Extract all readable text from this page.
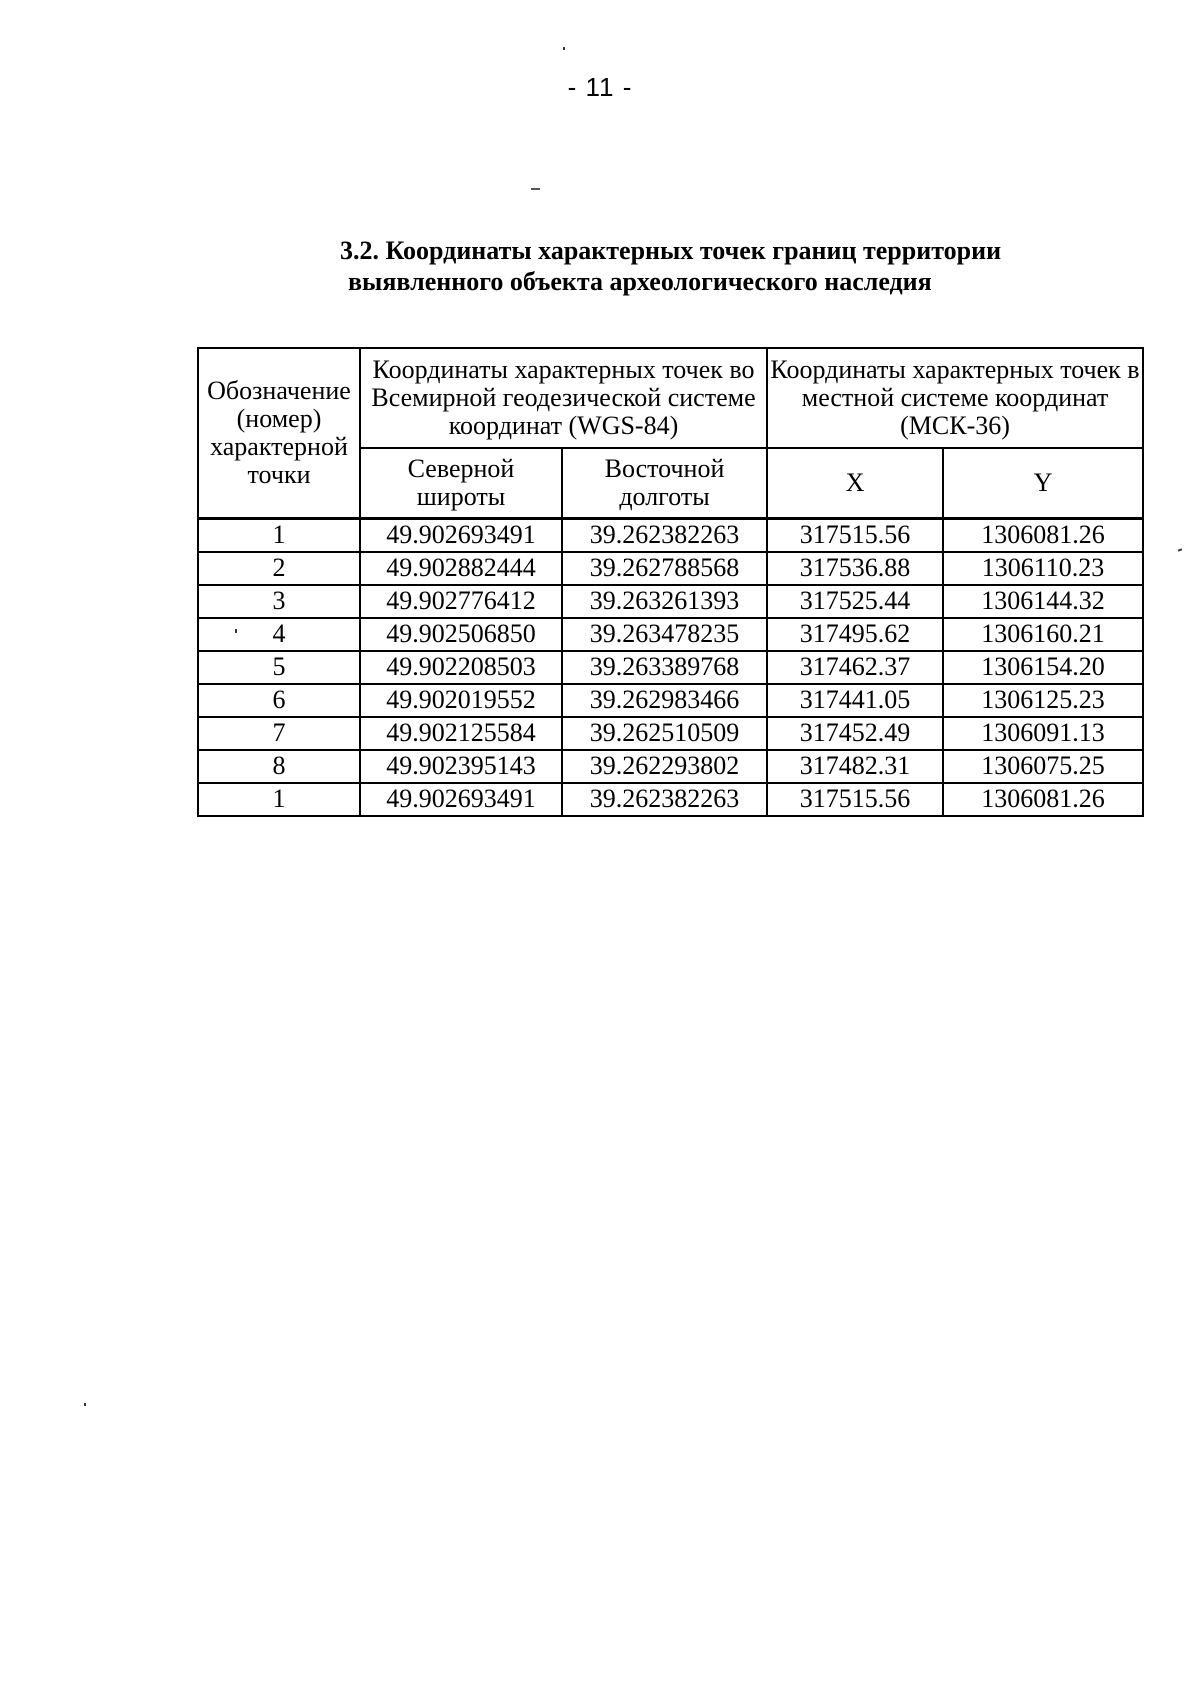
- 11 -
3.2. Координаты характерных точек границ территории
выявленного объекта археологического наследия
Обозначение (номер) характерной точки	Координаты характерных точек во Всемирной геодезической системе координат (WGS-84)		Координаты характерных точек в местной системе координат (МСК-36)	
	Северной широты	Восточной долготы	X	Y
1	49.902693491	39.262382263	317515.56	1306081.26
2	49.902882444	39.262788568	317536.88	1306110.23
3	49.902776412	39.263261393	317525.44	1306144.32
4	49.902506850	39.263478235	317495.62	1306160.21
5	49.902208503	39.263389768	317462.37	1306154.20
6	49.902019552	39.262983466	317441.05	1306125.23
7	49.902125584	39.262510509	317452.49	1306091.13
8	49.902395143	39.262293802	317482.31	1306075.25
1	49.902693491	39.262382263	317515.56	1306081.26
